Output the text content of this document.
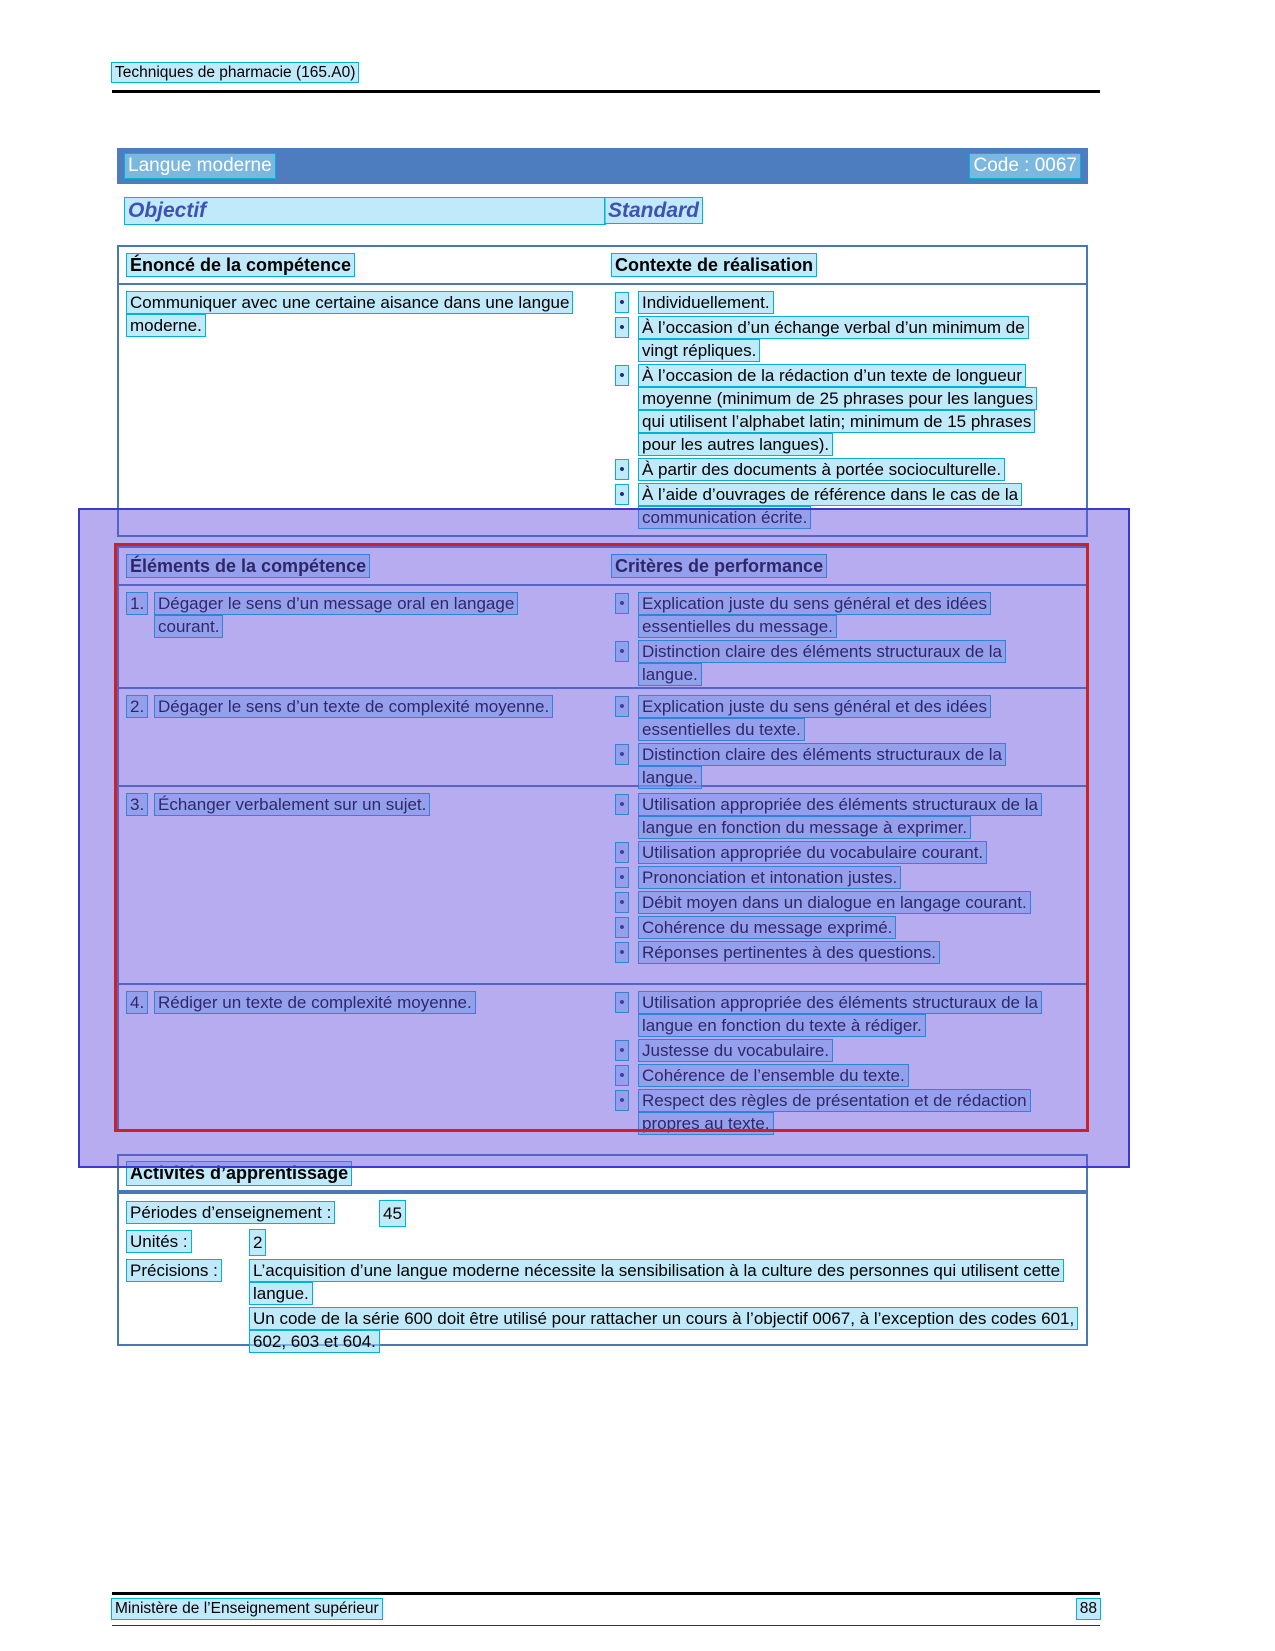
Techniques de pharmacie (165.A0)
Langue moderne	Code : 0067
Objectif	Standard
Énoncé de la compétence	Contexte de réalisation
Communiquer avec une certaine aisance dans une langue moderne.
• Individuellement.
• À l’occasion d’un échange verbal d’un minimum de vingt répliques.
• À l’occasion de la rédaction d’un texte de longueur moyenne (minimum de 25 phrases pour les langues qui utilisent l’alphabet latin; minimum de 15 phrases pour les autres langues).
• À partir des documents à portée socioculturelle.
• À l’aide d’ouvrages de référence dans le cas de la communication écrite.
Éléments de la compétence	Critères de performance
1. Dégager le sens d’un message oral en langage courant.
• Explication juste du sens général et des idées essentielles du message.
• Distinction claire des éléments structuraux de la langue.
2. Dégager le sens d’un texte de complexité moyenne.	• Explication juste du sens général et des idées essentielles du texte.
• Distinction claire des éléments structuraux de la langue.
3. Échanger verbalement sur un sujet.	• Utilisation appropriée des éléments structuraux de la langue en fonction du message à exprimer.
• Utilisation appropriée du vocabulaire courant.
• Prononciation et intonation justes.
• Débit moyen dans un dialogue en langage courant.
• Cohérence du message exprimé.
• Réponses pertinentes à des questions.
4. Rédiger un texte de complexité moyenne.	• Utilisation appropriée des éléments structuraux de la langue en fonction du texte à rédiger.
• Justesse du vocabulaire.
• Cohérence de l’ensemble du texte.
• Respect des règles de présentation et de rédaction propres au texte.
Activités d’apprentissage
Périodes d’enseignement :	45
Unités :	2
Précisions :	L’acquisition d’une langue moderne nécessite la sensibilisation à la culture des personnes qui utilisent cette langue.
Un code de la série 600 doit être utilisé pour rattacher un cours à l’objectif 0067, à l’exception des codes 601, 602, 603 et 604.
Ministère de l’Enseignement supérieur	88
